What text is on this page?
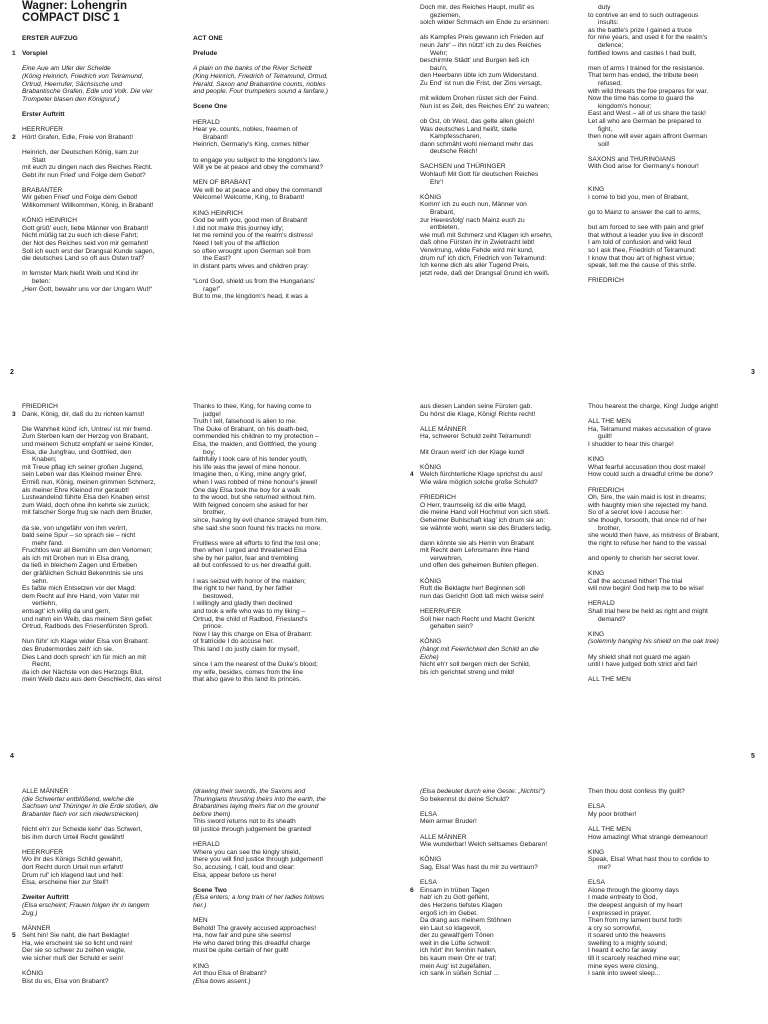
Wagner: Lohengrin
COMPACT DISC 1

ERSTER AUFZUG

1 Vorspiel

Eine Aue am Ufer der Schelde

(König Heinrich, Friedrich von Telramund,

Ortrud, Heerrufer, Sächsische und

Brabantische Grafen, Edle und Volk. Die vier

Trompeter blasen den Königsruf.)

Erster Auftritt

HEERRUFER

2 Hört! Grafen, Edle, Freie von Brabant!

Heinrich, der Deutschen König, kam zur

Statt

mit euch zu dingen nach des Reiches Recht.

Gebt ihr nun Fried' und Folge dem Gebot?

BRABANTER

Wir geben Fried' und Folge dem Gebot!

Willkommen! Willkommen, König, in Brabant!

KÖNIG HEINRICH

Gott grüß' euch, liebe Männer von Brabant!

Nicht müßig tat zu euch ich diese Fahrt;

der Not des Reiches seid von mir gemahnt!

Soll ich euch erst der Drangsal Kunde sagen,

die deutsches Land so oft aus Osten traf?

In fernster Mark hießt Weib und Kind ihr

beten:

„Herr Gott, bewahr uns vor der Ungarn Wut!“

ACT ONE

Prelude

A plain on the banks of the River Scheldt

(King Heinrich, Friedrich of Telramund, Ortrud,

Herald, Saxon and Brabantine counts, nobles

and people. Four trumpeters sound a fanfare.)

Scene One

HERALD

Hear ye, counts, nobles, freemen of

Brabant!

Heinrich, Germany's King, comes hither

to engage you subject to the kingdom's law.

Will ye be at peace and obey the command?

MEN OF BRABANT

We will be at peace and obey the command!

Welcome! Welcome, King, to Brabant!

KING HEINRICH

God be with you, good men of Brabant!

I did not make this journey idly;

let me remind you of the realm's distress!

Need I tell you of the affliction

so often wrought upon German soil from

the East?

In distant parts wives and children pray:

“Lord God, shield us from the Hungarians'

rage!”

But to me, the kingdom's head, it was a

Doch mir, des Reiches Haupt, mußt' es

geziemen,

solch wilder Schmach ein Ende zu ersinnen:

als Kampfes Preis gewann ich Frieden auf

neun Jahr' – ihn nützt' ich zu des Reiches

Wehr;

beschirmte Städt' und Burgen ließ ich

bau'n,

den Heerbann übte ich zum Widerstand.

Zu End' ist nun die Frist, der Zins versagt,

mit wildem Drohen rüstet sich der Feind.

Nun ist es Zeit, des Reiches Ehr' zu wahren;

ob Ost, ob West, das gelte allen gleich!

Was deutsches Land heißt, stelle

Kampfesscharen,

dann schmäht wohl niemand mehr das

deutsche Reich!

SACHSEN und THÜRINGER

Wohlauf! Mit Gott für deutschen Reiches

Ehr'!

KÖNIG

Komm' ich zu euch nun, Männer von

Brabant,

zur Heeresfolg' nach Mainz euch zu

entbieten,

wie muß mit Schmerz und Klagen ich ersehn,

daß ohne Fürsten ihr in Zwietracht lebt!

Verwirrung, wilde Fehde wird mir kund,

drum ruf' ich dich, Friedrich von Telramund:

Ich kenne dich als aller Tugend Preis,

jetzt rede, daß der Drangsal Grund ich weiß.

duty

to contrive an end to such outrageous

insults:

as the battle's prize I gained a truce

for nine years, and used it for the realm's

defence;

fortified towns and castles I had built,

men of arms I trained for the resistance.

That term has ended, the tribute been

refused;

with wild threats the foe prepares for war.

Now the time has come to guard the

kingdom's honour;

East and West – all of us share the task!

Let all who are German be prepared to

fight,

then none will ever again affront German

soil!

SAXONS and THURINGIANS

With God arise for Germany's honour!

KING

I come to bid you, men of Brabant,

go to Mainz to answer the call to arms,

but am forced to see with pain and grief

that without a leader you live in discord!

I am told of confusion and wild feud

so I ask thee, Friedrich of Telramund:

I know that thou art of highest virtue;

speak, tell me the cause of this strife.

FRIEDRICH

2	3

FRIEDRICH

3 Dank, König, dir, daß du zu richten kamst!

Die Wahrheit künd' ich, Untreu' ist mir fremd.

Zum Sterben kam der Herzog von Brabant,

und meinem Schutz empfahl er seine Kinder,

Elsa, die Jungfrau, und Gottfried, den

Knaben;

mit Treue pflag ich seiner großen Jugend,

sein Leben war das Kleinod meiner Ehre.

Ermiß nun, König, meinen grimmen Schmerz,

als meiner Ehre Kleinod mir geraubt!

Lustwandelnd führte Elsa den Knaben einst

zum Wald, doch ohne ihn kehrte sie zurück;

mit falscher Sorge frug sie nach dem Bruder,

da sie, von ungefähr von ihm verirrt,

bald seine Spur – so sprach sie – nicht

mehr fand.

Fruchtlos war all Bemühn um den Verlornen;

als ich mit Drohen nun in Elsa drang,

da ließ in bleichem Zagen und Erbeben

der gräßlichen Schuld Bekenntnis sie uns

sehn.

Es faßte mich Entsetzen vor der Magd:

dem Recht auf ihre Hand, vom Vater mir

verliehn,

entsagt' ich willig da und gern,

und nahm ein Weib, das meinem Sinn gefiel:

Ortrud, Radbods des Friesenfürsten Sproß.

Nun führ' ich Klage wider Elsa von Brabant:

des Brudermordes zeih' ich sie.

Dies Land doch sprech' ich für mich an mit

Recht,

da ich der Nächste von des Herzogs Blut,

mein Weib dazu aus dem Geschlecht, das einst

Thanks to thee, King, for having come to

judge!

Truth I tell, falsehood is alien to me.

The Duke of Brabant, on his death-bed,

commended his children to my protection –

Elsa, the maiden, and Gottfried, the young

boy;

faithfully I took care of his tender youth,

his life was the jewel of mine honour.

Imagine then, o King, mine angry grief,

when I was robbed of mine honour's jewel!

One day Elsa took the boy for a walk

to the wood, but she returned without him.

With feigned concern she asked for her

brother,

since, having by evil chance strayed from him,

she said she soon found his tracks no more.

Fruitless were all efforts to find the lost one;

then when I urged and threatened Elsa

she by her pallor, fear and trembling

all but confessed to us her dreadful guilt.

I was seized with horror of the maiden;

the right to her hand, by her father

bestowed,

I willingly and gladly then declined

and took a wife who was to my liking –

Ortrud, the child of Radbod, Friesland's

prince.

Now I lay this charge on Elsa of Brabant:

of fratricide I do accuse her.

This land I do justly claim for myself,

since I am the nearest of the Duke's blood;

my wife, besides, comes from the line

that also gave to this land its princes.

aus diesen Landen seine Fürsten gab.

Du hörst die Klage, König! Richte recht!

ALLE MÄNNER

Ha, schwerer Schuld zeiht Telramund!

Mit Graun werd' ich der Klage kund!

KÖNIG

4 Welch fürchterliche Klage sprichst du aus!

Wie wäre möglich solche große Schuld?

FRIEDRICH

O Herr, traumselig ist die eitle Magd,

die meine Hand voll Hochmut von sich stieß.

Geheimer Buhlschaft klag' ich drum sie an:

sie wähnte wohl, wenn sie des Bruders ledig,

dann könnte sie als Herrin von Brabant

mit Recht dem Lehnsmann ihre Hand

verwehren,

und offen des geheimen Buhlen pflegen.

KÖNIG

Ruft die Beklagte her! Beginnen soll

nun das Gericht! Gott laß mich weise sein!

HEERRUFER

Soll hier nach Recht und Macht Gericht

gehalten sein?

KÖNIG

(hängt mit Feierlichkeit den Schild an die

Eiche)

Nicht eh'r soll bergen mich der Schild,

bis ich gerichtet streng und mild!

Thou hearest the charge, King! Judge aright!

ALL THE MEN

Ha, Telramund makes accusation of grave

guilt!

I shudder to hear this charge!

KING

What fearful accusation thou dost make!

How could such a dreadful crime be done?

FRIEDRICH

Oh, Sire, the vain maid is lost in dreams;

with haughty mien she rejected my hand.

So of a secret love I accuse her:

she though, forsooth, that once rid of her

brother,

she would then have, as mistress of Brabant,

the right to refuse her hand to the vassal

and openly to cherish her secret lover.

KING

Call the accused hither! The trial

will now begin! God help me to be wise!

HERALD

Shall trial here be held as right and might

demand?

KING

(solemnly hanging his shield on the oak tree)

My shield shall not guard me again

until I have judged both strict and fair!

ALL THE MEN

4	5

ALLE MÄNNER

(die Schwerter entblößend, welche die

Sachsen und Thüringer in die Erde stoßen, die

Brabanter flach vor sich niederstrecken)

Nicht eh'r zur Scheide kehr' das Schwert,

bis ihm durch Urteil Recht gewährt!

HEERRUFER

Wo ihr des Königs Schild gewahrt,

dort Recht durch Urteil nun erfahrt!

Drum ruf' ich klagend laut und hell:

Elsa, erscheine hier zur Stell'!

Zweiter Auftritt

(Elsa erscheint; Frauen folgen ihr in langem

Zug.)

MÄNNER

5 Seht hin! Sie naht, die hart Beklagte!

Ha, wie erscheint sie so licht und rein!

Der sie so schwer zu zeihen wagte,

wie sicher muß der Schuld er sein!

KÖNIG

Bist du es, Elsa von Brabant?

(drawing their swords, the Saxons and

Thuringians thrusting theirs into the earth, the

Brabantines laying theirs flat on the ground

before them)

This sword returns not to its sheath

till justice through judgement be granted!

HERALD

Where you can see the kingly shield,

there you will find justice through judgement!

So, accusing, I call, loud and clear:

Elsa, appear before us here!

Scene Two

(Elsa enters; a long train of her ladies follows

her.)

MEN

Behold! The gravely accused approaches!

Ha, how fair and pure she seems!

He who dared bring this dreadful charge

must be quite certain of her guilt!

KING

Art thou Elsa of Brabant?

(Elsa bows assent.)

(Elsa bedeutet durch eine Geste: „Nichts!“)

So bekennst du deine Schuld?

ELSA

Mein armer Bruder!

ALLE MÄNNER

Wie wunderbar! Welch seltsames Gebaren!

KÖNIG

Sag, Elsa! Was hast du mir zu vertraun?

ELSA

6 Einsam in trüben Tagen

hab' ich zu Gott gefleht,

des Herzens tiefstes Klagen

ergoß ich im Gebet.

Da drang aus meinem Stöhnen

ein Laut so klagevoll,

der zu gewalt'gem Tönen

weit in die Lüfte schwoll:

ich hört' ihn fernhin hallen,

bis kaum mein Ohr er traf;

mein Aug' ist zugefallen,

ich sank in süßen Schlaf ...

Then thou dost confess thy guilt?

ELSA

My poor brother!

ALL THE MEN

How amazing! What strange demeanour!

KING

Speak, Elsa! What hast thou to confide to

me?

ELSA

Alone through the gloomy days

I made entreaty to God,

the deepest anguish of my heart

I expressed in prayer.

Then from my lament burst forth

a cry so sorrowful,

it soared unto the heavens

swelling to a mighty sound;

I heard it echo far away

till it scarcely reached mine ear;

mine eyes were closing,

I sank into sweet sleep...
